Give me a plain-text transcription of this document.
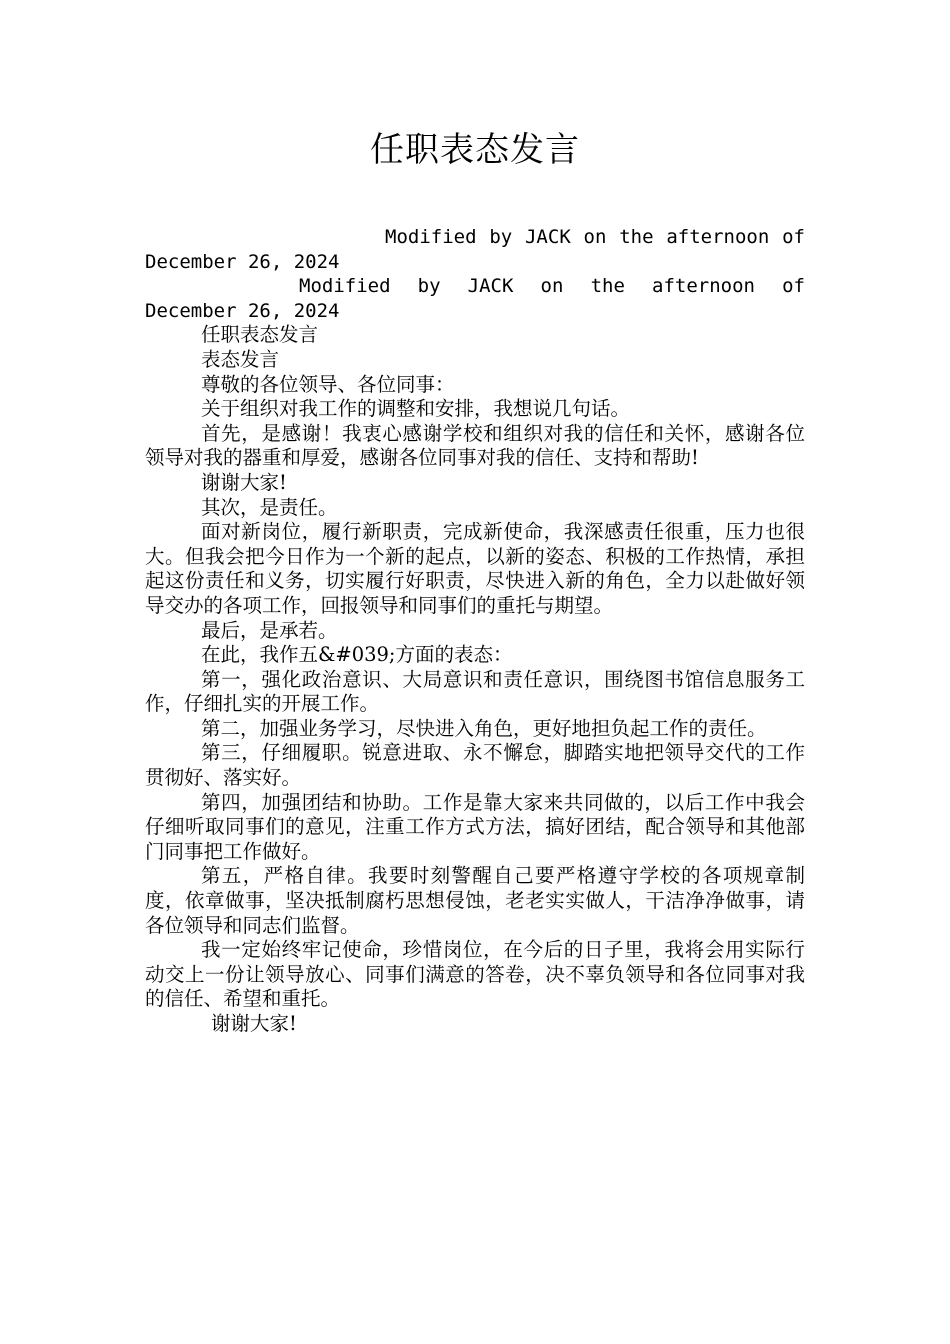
任职表态发言

Modified by JACK on the afternoon of December 26, 2024

Modified by JACK on the afternoon of December 26, 2024

任职表态发言

表态发言

尊敬的各位领导、各位同事：

关于组织对我工作的调整和安排，我想说几句话。

首先，是感谢！我衷心感谢学校和组织对我的信任和关怀，感谢各位领导对我的器重和厚爱，感谢各位同事对我的信任、支持和帮助!

谢谢大家!

其次，是责任。

面对新岗位，履行新职责，完成新使命，我深感责任很重，压力也很大。但我会把今日作为一个新的起点，以新的姿态、积极的工作热情，承担起这份责任和义务，切实履行好职责，尽快进入新的角色，全力以赴做好领导交办的各项工作，回报领导和同事们的重托与期望。

最后，是承若。

在此，我作五&#039;方面的表态：

第一，强化政治意识、大局意识和责任意识，围绕图书馆信息服务工作，仔细扎实的开展工作。

第二，加强业务学习，尽快进入角色，更好地担负起工作的责任。

第三，仔细履职。锐意进取、永不懈怠，脚踏实地把领导交代的工作贯彻好、落实好。

第四，加强团结和协助。工作是靠大家来共同做的，以后工作中我会仔细听取同事们的意见，注重工作方式方法，搞好团结，配合领导和其他部门同事把工作做好。

第五，严格自律。我要时刻警醒自己要严格遵守学校的各项规章制度，依章做事，坚决抵制腐朽思想侵蚀，老老实实做人，干洁净净做事，请各位领导和同志们监督。

我一定始终牢记使命，珍惜岗位，在今后的日子里，我将会用实际行动交上一份让领导放心、同事们满意的答卷，决不辜负领导和各位同事对我的信任、希望和重托。

谢谢大家!
